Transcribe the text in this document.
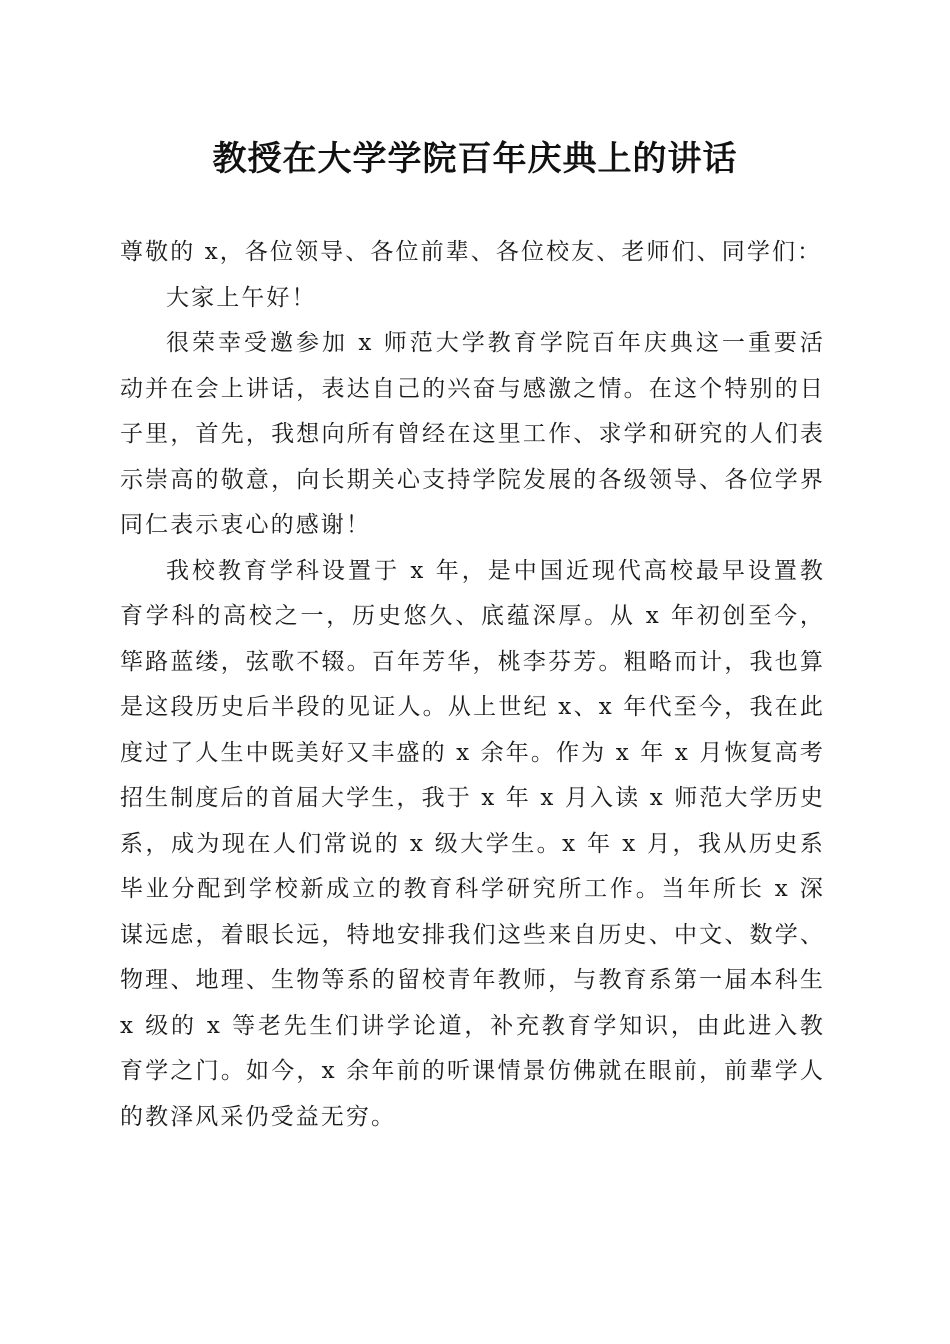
教授在大学学院百年庆典上的讲话

尊敬的 x，各位领导、各位前辈、各位校友、老师们、同学们：

大家上午好！

很荣幸受邀参加 x 师范大学教育学院百年庆典这一重要活动并在会上讲话，表达自己的兴奋与感激之情。在这个特别的日子里，首先，我想向所有曾经在这里工作、求学和研究的人们表示崇高的敬意，向长期关心支持学院发展的各级领导、各位学界同仁表示衷心的感谢！

我校教育学科设置于 x 年，是中国近现代高校最早设置教育学科的高校之一，历史悠久、底蕴深厚。从 x 年初创至今，筚路蓝缕，弦歌不辍。百年芳华，桃李芬芳。粗略而计，我也算是这段历史后半段的见证人。从上世纪 x、x 年代至今，我在此度过了人生中既美好又丰盛的 x 余年。作为 x 年 x 月恢复高考招生制度后的首届大学生，我于 x 年 x 月入读 x 师范大学历史系，成为现在人们常说的 x 级大学生。x 年 x 月，我从历史系毕业分配到学校新成立的教育科学研究所工作。当年所长 x 深谋远虑，着眼长远，特地安排我们这些来自历史、中文、数学、物理、地理、生物等系的留校青年教师，与教育系第一届本科生 x 级的 x 等老先生们讲学论道，补充教育学知识，由此进入教育学之门。如今，x 余年前的听课情景仿佛就在眼前，前辈学人的教泽风采仍受益无穷。
